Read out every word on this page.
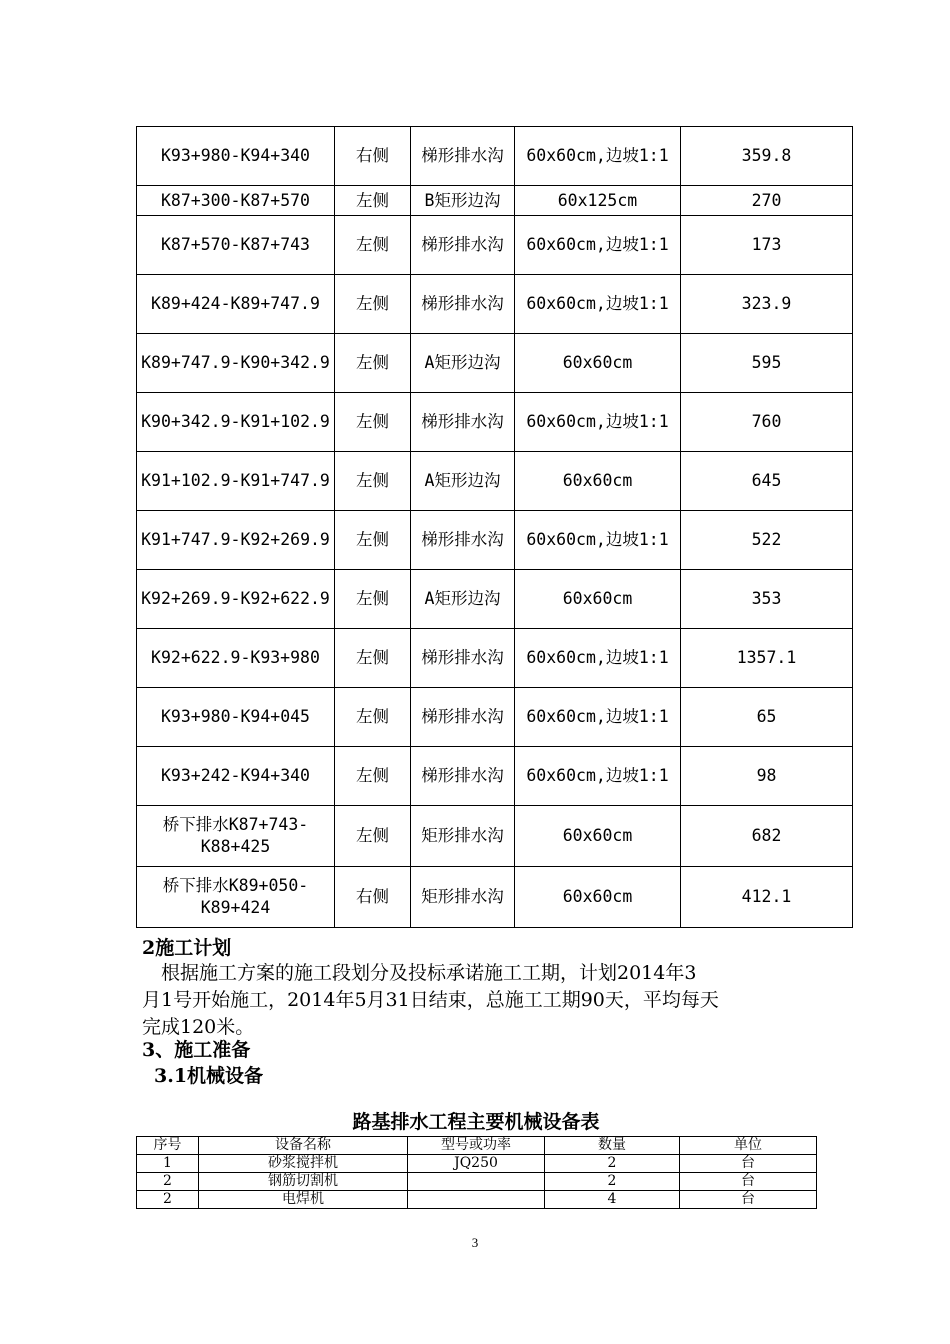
K93+980-K94+340	右侧	梯形排水沟	60x60cm,边坡1:1	359.8
K87+300-K87+570	左侧	B矩形边沟	60x125cm	270
K87+570-K87+743	左侧	梯形排水沟	60x60cm,边坡1:1	173
K89+424-K89+747.9	左侧	梯形排水沟	60x60cm,边坡1:1	323.9
K89+747.9-K90+342.9	左侧	A矩形边沟	60x60cm	595
K90+342.9-K91+102.9	左侧	梯形排水沟	60x60cm,边坡1:1	760
K91+102.9-K91+747.9	左侧	A矩形边沟	60x60cm	645
K91+747.9-K92+269.9	左侧	梯形排水沟	60x60cm,边坡1:1	522
K92+269.9-K92+622.9	左侧	A矩形边沟	60x60cm	353
K92+622.9-K93+980	左侧	梯形排水沟	60x60cm,边坡1:1	1357.1
K93+980-K94+045	左侧	梯形排水沟	60x60cm,边坡1:1	65
K93+242-K94+340	左侧	梯形排水沟	60x60cm,边坡1:1	98
桥下排水K87+743-K88+425	左侧	矩形排水沟	60x60cm	682
桥下排水K89+050-K89+424	右侧	矩形排水沟	60x60cm	412.1
2施工计划
　根据施工方案的施工段划分及投标承诺施工工期，计划2014年3
月1号开始施工，2014年5月31日结束，总施工工期90天，平均每天
完成120米。
3、施工准备
3.1机械设备
路基排水工程主要机械设备表
序号	设备名称	型号或功率	数量	单位
1	砂浆搅拌机	JQ250	2	台
2	钢筋切割机		2	台
2	电焊机		4	台
3
